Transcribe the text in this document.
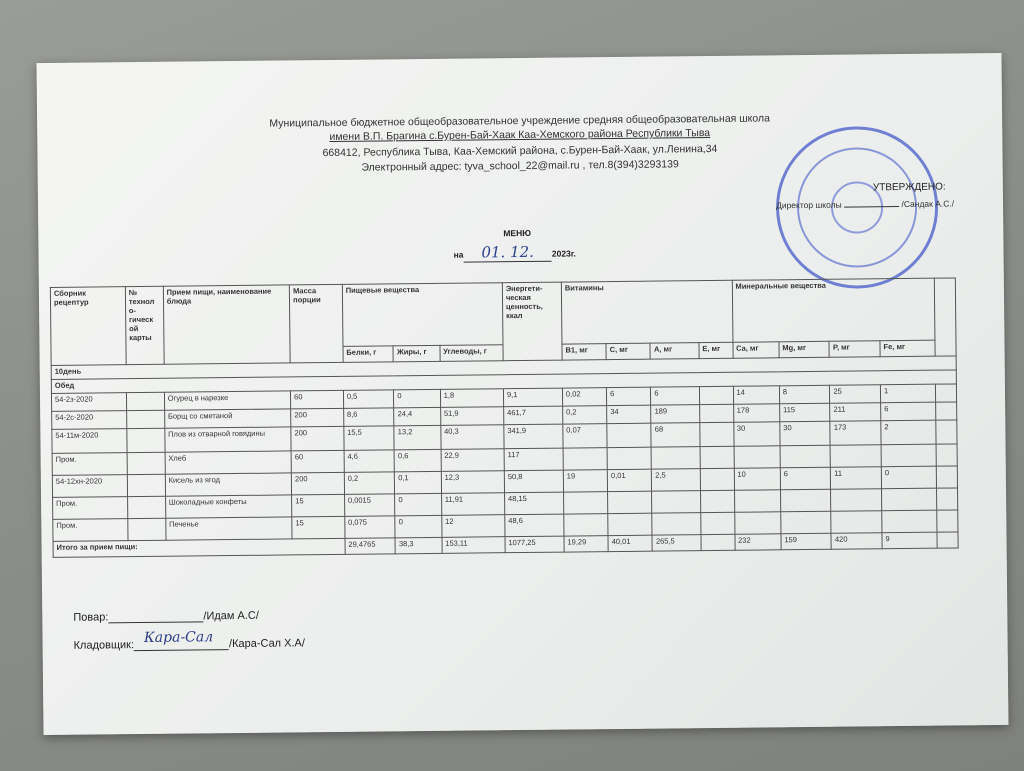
Муниципальное бюджетное общеобразовательное учреждение средняя общеобразовательная школа
имени В.П. Брагина с.Бурен-Бай-Хаак Каа-Хемского района Республики Тыва
668412, Республика Тыва, Каа-Хемский района, с.Бурен-Бай-Хаак, ул.Ленина,34
Электронный адрес: tyva_school_22@mail.ru , тел.8(394)3293139
УТВЕРЖДЕНО:
Директор школы	/Сандак А.С./
МЕНЮ
на 01. 12. 2023г.
Сборник рецептур	№ технол о-гическ ой карты	Прием пищи, наименование блюда	Масса порции	Пищевые вещества			Энергети-ческая ценность, ккал	Витамины				Минеральные вещества				
				Белки, г	Жиры, г	Углеводы, г		В1, мг	С, мг	А, мг	Е, мг	Са, мг	Mg, мг	Р, мг	Fe, мг	
10день																
Обед																
54-2з-2020		Огурец в нарезке	60	0,5	0	1,8	9,1	0,02	6	6		14	8	25	1	
54-2с-2020		Борщ со сметаной	200	8,6	24,4	51,9	461,7	0,2	34	189		178	115	211	6	
54-11м-2020		Плов из отварной говядины	200	15,5	13,2	40,3	341,9	0,07		68		30	30	173	2	
Пром.		Хлеб	60	4,6	0,6	22,9	117									
54-12хн-2020		Кисель из ягод	200	0,2	0,1	12,3	50,8	19	0,01	2,5		10	6	11	0	
Пром.		Шоколадные конфеты	15	0,0015	0	11,91	48,15									
Пром.		Печенье	15	0,075	0	12	48,6									
Итого за прием пищи:				29,4765	38,3	153,11	1077,25	19,29	40,01	265,5		232	159	420	9	
Повар:	/Идам А.С/
Кладовщик: Кара-Сал /Кара-Сал Х.А/
